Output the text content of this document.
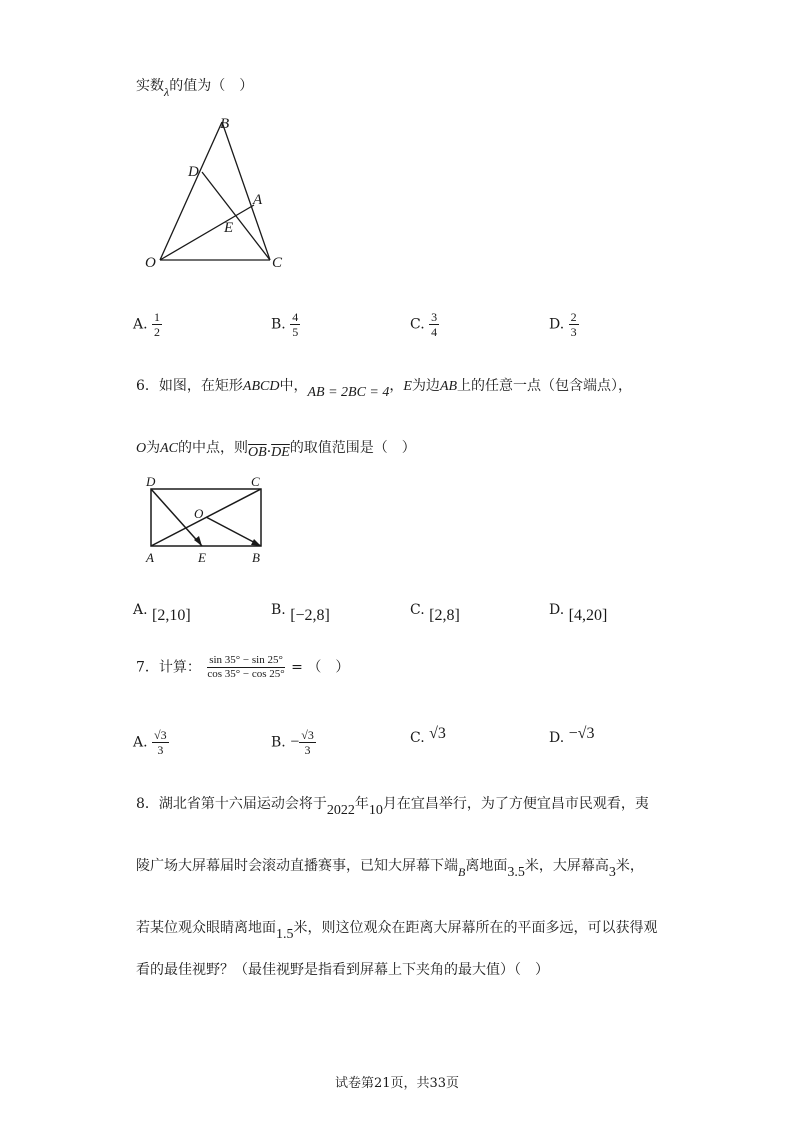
实数λ的值为（　）
B
D
A
E
O	C
A. $\frac{1}{2}$	B. $\frac{4}{5}$	C. $\frac{3}{4}$	D. $\frac{2}{3}$
6．如图，在矩形ABCD中，AB = 2BC = 4，E为边AB上的任意一点（包含端点），
O为AC的中点，则$\overline{OB}\cdot\overline{DE}$的取值范围是（　）
D	C
O
A	E	B
A. [2,10]	B. [−2,8]	C. [2,8]	D. [4,20]
7．计算： $\frac{\sin 35^\circ - \sin 25^\circ}{\cos 35^\circ - \cos 25^\circ}$ = （　）
A. $\frac{√3}{3}$	B. − $\frac{√3}{3}$	C. √3	D. −√3
8．湖北省第十六届运动会将于2022年10月在宜昌举行，为了方便宜昌市民观看，夷
陵广场大屏幕届时会滚动直播赛事，已知大屏幕下端B离地面3.5米，大屏幕高3米，
若某位观众眼睛离地面1.5米，则这位观众在距离大屏幕所在的平面多远，可以获得观
看的最佳视野？（最佳视野是指看到屏幕上下夹角的最大值）（　）
试卷第21页，共33页
